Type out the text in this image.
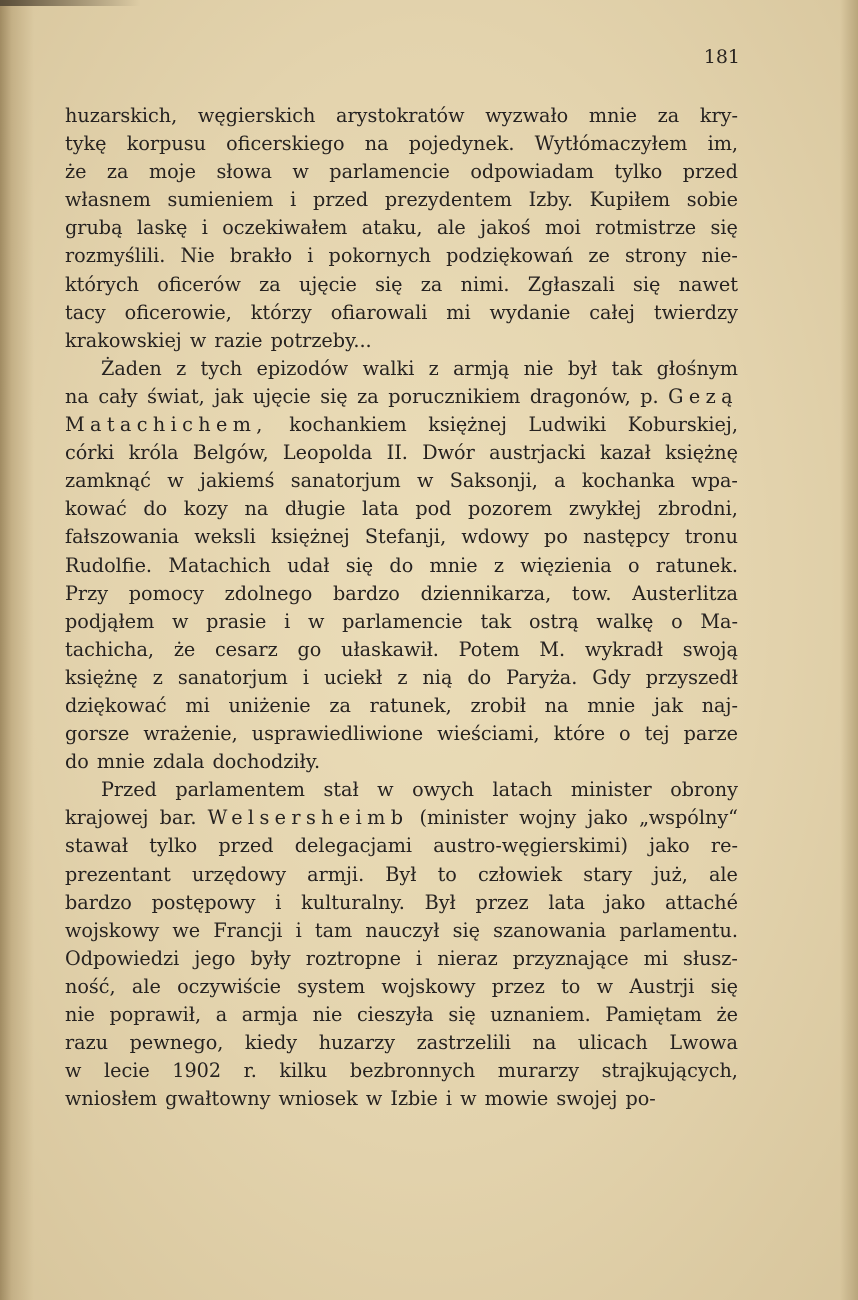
181
huzarskich, węgierskich arystokratów wyzwało mnie za kry-
tykę korpusu oficerskiego na pojedynek. Wytłómaczyłem im,
że za moje słowa w parlamencie odpowiadam tylko przed
własnem sumieniem i przed prezydentem Izby. Kupiłem sobie
grubą laskę i oczekiwałem ataku, ale jakoś moi rotmistrze się
rozmyślili. Nie brakło i pokornych podziękowań ze strony nie-
których oficerów za ujęcie się za nimi. Zgłaszali się nawet
tacy oficerowie, którzy ofiarowali mi wydanie całej twierdzy
krakowskiej w razie potrzeby...
Żaden z tych epizodów walki z armją nie był tak głośnym
na cały świat, jak ujęcie się za porucznikiem dragonów, p. Gezą
Matachichem, kochankiem księżnej Ludwiki Koburskiej,
córki króla Belgów, Leopolda II. Dwór austrjacki kazał księżnę
zamknąć w jakiemś sanatorjum w Saksonji, a kochanka wpa-
kować do kozy na długie lata pod pozorem zwykłej zbrodni,
fałszowania weksli księżnej Stefanji, wdowy po następcy tronu
Rudolfie. Matachich udał się do mnie z więzienia o ratunek.
Przy pomocy zdolnego bardzo dziennikarza, tow. Austerlitza
podjąłem w prasie i w parlamencie tak ostrą walkę o Ma-
tachicha, że cesarz go ułaskawił. Potem M. wykradł swoją
księżnę z sanatorjum i uciekł z nią do Paryża. Gdy przyszedł
dziękować mi uniżenie za ratunek, zrobił na mnie jak naj-
gorsze wrażenie, usprawiedliwione wieściami, które o tej parze
do mnie zdala dochodziły.
Przed parlamentem stał w owych latach minister obrony
krajowej bar. Welsersheimb (minister wojny jako „wspólny“
stawał tylko przed delegacjami austro-węgierskimi) jako re-
prezentant urzędowy armji. Był to człowiek stary już, ale
bardzo postępowy i kulturalny. Był przez lata jako attaché
wojskowy we Francji i tam nauczył się szanowania parlamentu.
Odpowiedzi jego były roztropne i nieraz przyznające mi słusz-
ność, ale oczywiście system wojskowy przez to w Austrji się
nie poprawił, a armja nie cieszyła się uznaniem. Pamiętam że
razu pewnego, kiedy huzarzy zastrzelili na ulicach Lwowa
w lecie 1902 r. kilku bezbronnych murarzy strajkujących,
wniosłem gwałtowny wniosek w Izbie i w mowie swojej po-
